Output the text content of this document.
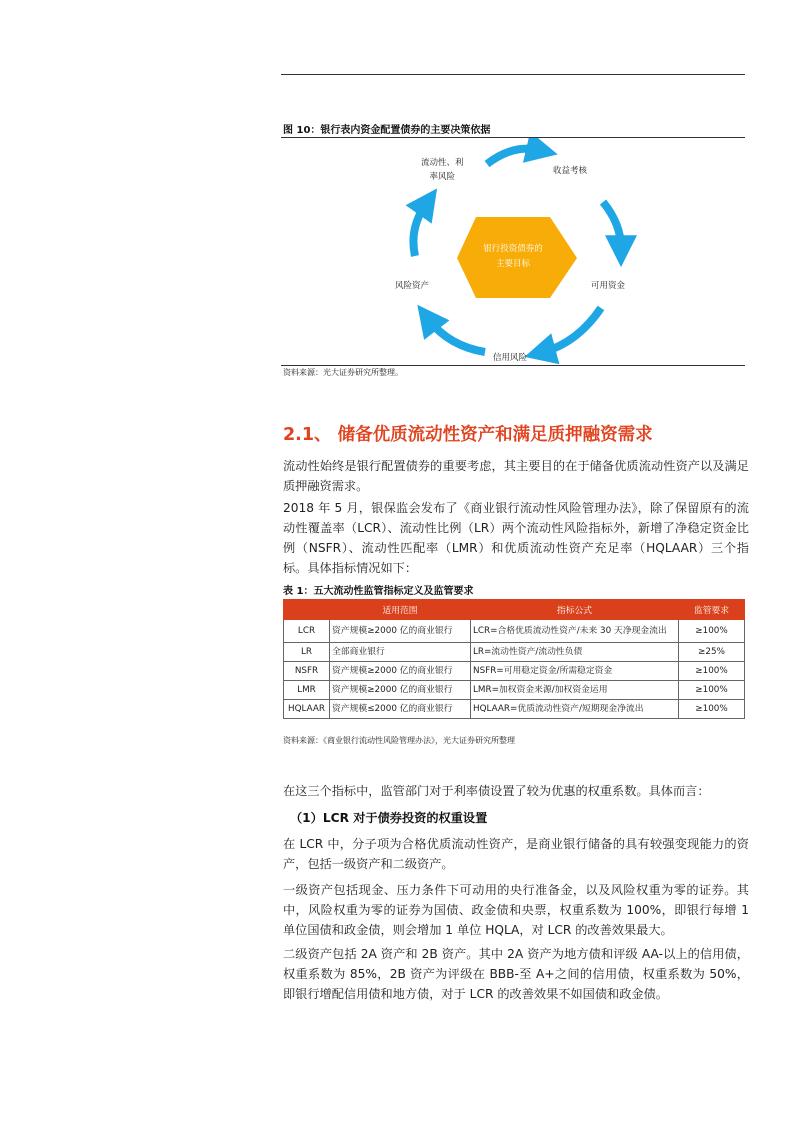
图 10：银行表内资金配置债券的主要决策依据
银行投资债券的
主要目标
流动性、利
率风险
收益考核
可用资金
信用风险
风险资产
资料来源：光大证券研究所整理。
2.1、 储备优质流动性资产和满足质押融资需求
流动性始终是银行配置债券的重要考虑，其主要目的在于储备优质流动性资产以及满足质押融资需求。
2018 年 5 月，银保监会发布了《商业银行流动性风险管理办法》，除了保留原有的流动性覆盖率（LCR）、流动性比例（LR）两个流动性风险指标外，新增了净稳定资金比例（NSFR）、流动性匹配率（LMR）和优质流动性资产充足率（HQLAAR）三个指标。具体指标情况如下：
表 1：五大流动性监管指标定义及监管要求
	适用范围	指标公式	监管要求
LCR	资产规模≥2000 亿的商业银行	LCR=合格优质流动性资产/未来 30 天净现金流出	≥100%
LR	全部商业银行	LR=流动性资产/流动性负债	≥25%
NSFR	资产规模≥2000 亿的商业银行	NSFR=可用稳定资金/所需稳定资金	≥100%
LMR	资产规模≥2000 亿的商业银行	LMR=加权资金来源/加权资金运用	≥100%
HQLAAR	资产规模≤2000 亿的商业银行	HQLAAR=优质流动性资产/短期现金净流出	≥100%
资料来源：《商业银行流动性风险管理办法》，光大证券研究所整理
在这三个指标中，监管部门对于利率债设置了较为优惠的权重系数。具体而言：
（1）LCR 对于债券投资的权重设置
在 LCR 中，分子项为合格优质流动性资产，是商业银行储备的具有较强变现能力的资产，包括一级资产和二级资产。
一级资产包括现金、压力条件下可动用的央行准备金，以及风险权重为零的证券。其中，风险权重为零的证券为国债、政金债和央票，权重系数为 100%，即银行每增 1 单位国债和政金债，则会增加 1 单位 HQLA，对 LCR 的改善效果最大。
二级资产包括 2A 资产和 2B 资产。其中 2A 资产为地方债和评级 AA-以上的信用债，权重系数为 85%，2B 资产为评级在 BBB-至 A+之间的信用债，权重系数为 50%，即银行增配信用债和地方债，对于 LCR 的改善效果不如国债和政金债。
